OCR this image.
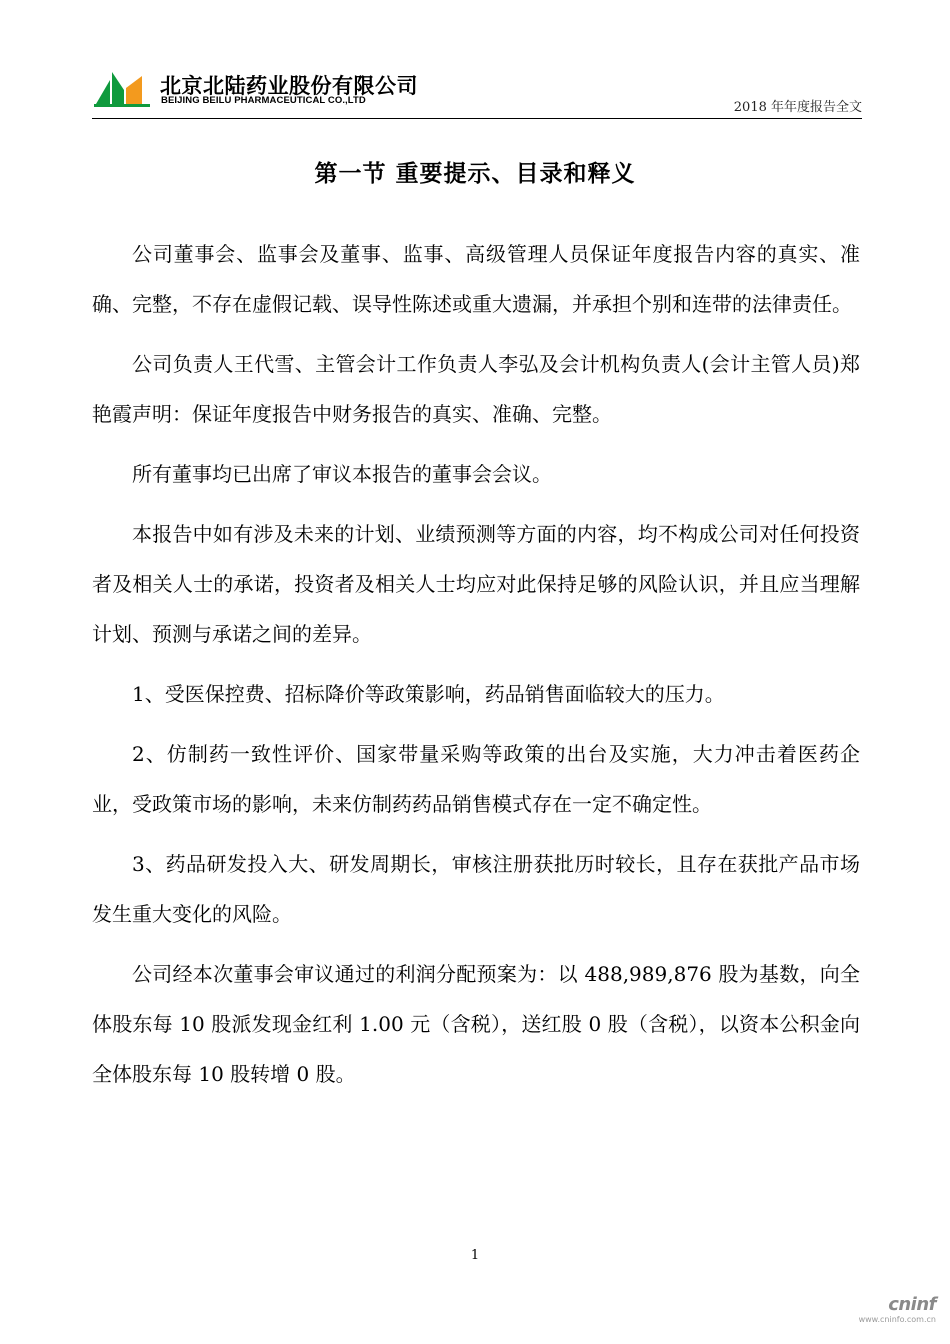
北京北陆药业股份有限公司
BEIJING BEILU PHARMACEUTICAL CO.,LTD	2018 年年度报告全文
第一节 重要提示、目录和释义

公司董事会、监事会及董事、监事、高级管理人员保证年度报告内容的真实、准确、完整，不存在虚假记载、误导性陈述或重大遗漏，并承担个别和连带的法律责任。

公司负责人王代雪、主管会计工作负责人李弘及会计机构负责人(会计主管人员)郑艳霞声明：保证年度报告中财务报告的真实、准确、完整。

所有董事均已出席了审议本报告的董事会会议。

本报告中如有涉及未来的计划、业绩预测等方面的内容，均不构成公司对任何投资者及相关人士的承诺，投资者及相关人士均应对此保持足够的风险认识，并且应当理解计划、预测与承诺之间的差异。

1、受医保控费、招标降价等政策影响，药品销售面临较大的压力。

2、仿制药一致性评价、国家带量采购等政策的出台及实施，大力冲击着医药企业，受政策市场的影响，未来仿制药药品销售模式存在一定不确定性。

3、药品研发投入大、研发周期长，审核注册获批历时较长，且存在获批产品市场发生重大变化的风险。

公司经本次董事会审议通过的利润分配预案为：以 488,989,876 股为基数，向全体股东每 10 股派发现金红利 1.00 元（含税），送红股 0 股（含税），以资本公积金向全体股东每 10 股转增 0 股。

1
cninf
www.cninfo.com.cn
